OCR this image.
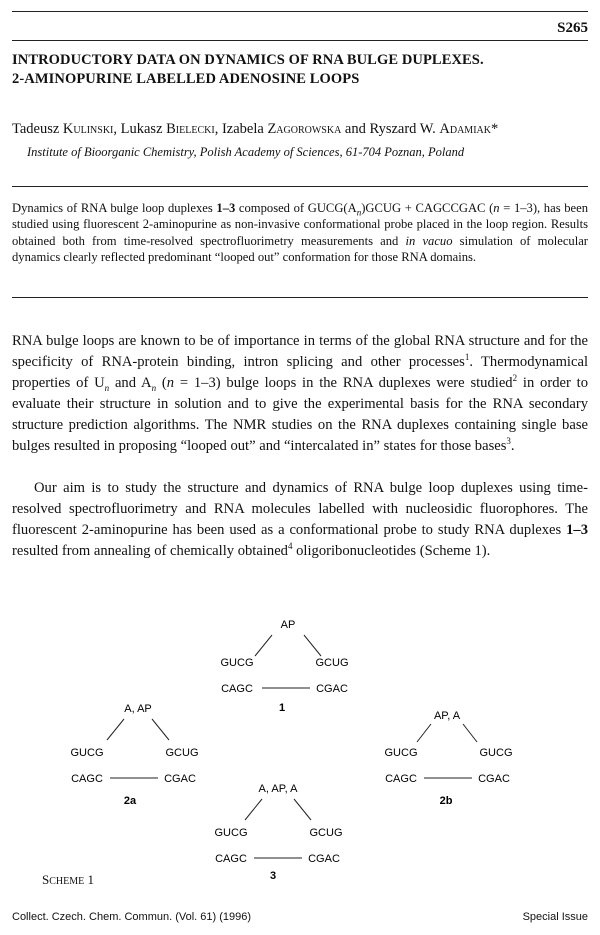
S265
INTRODUCTORY DATA ON DYNAMICS OF RNA BULGE DUPLEXES.
2-AMINOPURINE LABELLED ADENOSINE LOOPS
Tadeusz Kulinski, Lukasz Bielecki, Izabela Zagorowska and Ryszard W. Adamiak*
Institute of Bioorganic Chemistry, Polish Academy of Sciences, 61-704 Poznan, Poland
Dynamics of RNA bulge loop duplexes 1–3 composed of $GUCG(A_n)GCUG$ + CAGCCGAC (n = 1–3), has been studied using fluorescent 2-aminopurine as non-invasive conformational probe placed in the loop region. Results obtained both from time-resolved spectrofluorimetry measurements and in vacuo simulation of molecular dynamics clearly reflected predominant “looped out” conformation for those RNA domains.
RNA bulge loops are known to be of importance in terms of the global RNA structure and for the specificity of RNA-protein binding, intron splicing and other processes$^1$. Thermodynamical properties of $U_n$ and $A_n$ (n = 1–3) bulge loops in the RNA duplexes were studied$^2$ in order to evaluate their structure in solution and to give the experimental basis for the RNA secondary structure prediction algorithms. The NMR studies on the RNA duplexes containing single base bulges resulted in proposing “looped out” and “intercalated in” states for those bases$^3$.
Our aim is to study the structure and dynamics of RNA bulge loop duplexes using time-resolved spectrofluorimetry and RNA molecules labelled with nucleosidic fluorophores. The fluorescent 2-aminopurine has been used as a conformational probe to study RNA duplexes 1–3 resulted from annealing of chemically obtained$^4$ oligoribonucleotides (Scheme 1).
AP
GUCG	GCUG
CAGC	CGAC
1
A, AP
GUCG	GCUG
CAGC	CGAC
2a
AP, A
GUCG	GUCG
CAGC	CGAC
2b
A, AP, A
GUCG	GCUG
CAGC	CGAC
3
SCHEME 1
Collect. Czech. Chem. Commun. (Vol. 61) (1996)	Special Issue
